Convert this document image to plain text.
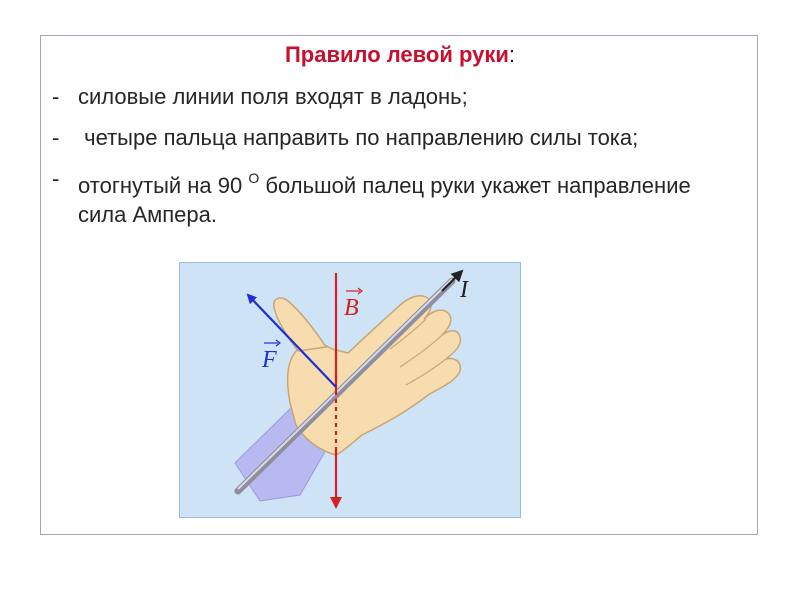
Правило левой руки:
- силовые линии поля входят в ладонь;
- четыре пальца направить по направлению силы тока;
- отогнутый на 90 $^О$ большой палец руки укажет направление сила Ампера.
F
B
I
